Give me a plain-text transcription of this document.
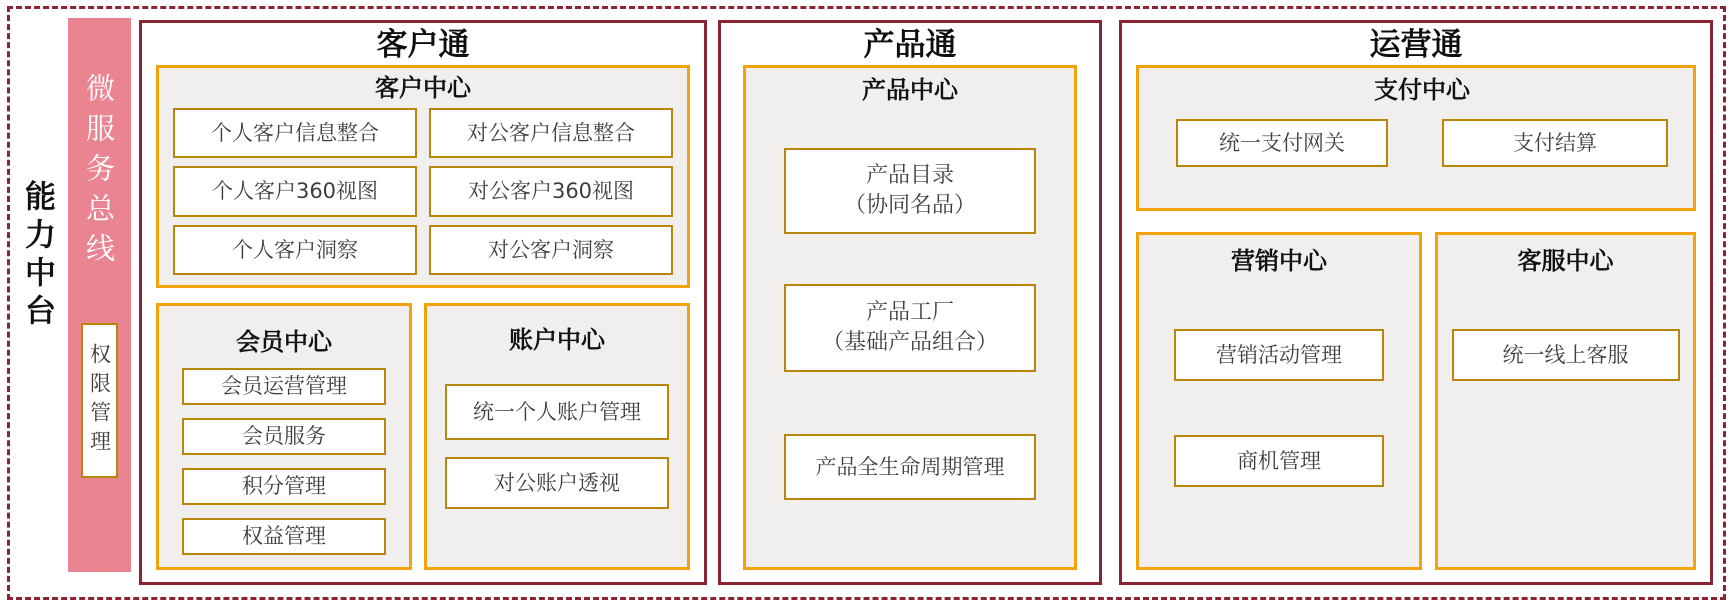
能力中台 微服务总线
权限管理
客户通
客户中心
个人客户信息整合	对公客户信息整合
个人客户360视图	对公客户360视图
个人客户洞察	对公客户洞察
会员中心
会员运营管理
会员服务
积分管理
权益管理
账户中心
统一个人账户管理
对公账户透视
产品通
产品中心
产品目录
（协同名品）
产品工厂
（基础产品组合）
产品全生命周期管理
运营通
支付中心
统一支付网关	支付结算
营销中心
营销活动管理
商机管理
客服中心
统一线上客服
